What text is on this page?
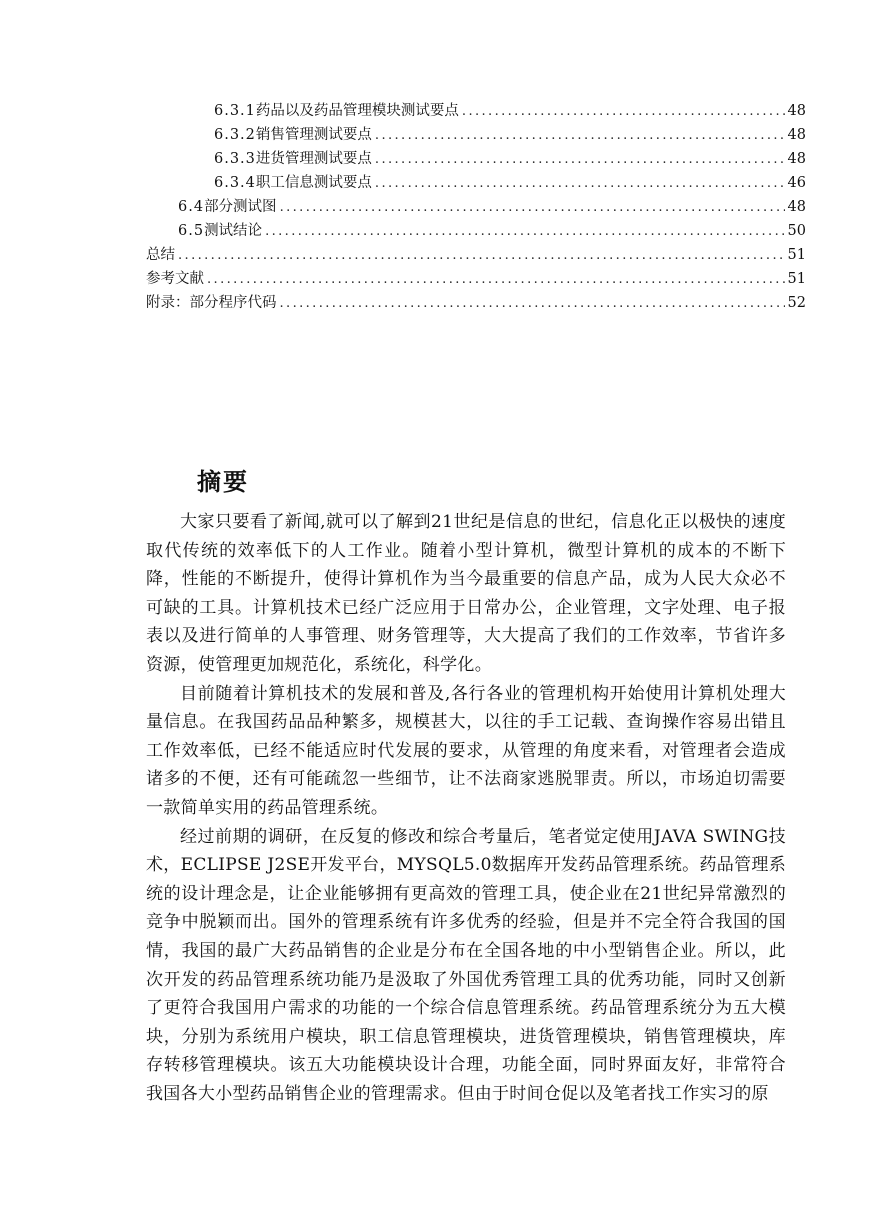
6.3.1 药品以及药品管理模块测试要点 .....	48
6.3.2 销售管理测试要点 .....	48
6.3.3 进货管理测试要点 .....	48
6.3.4 职工信息测试要点 .....	46
6.4 部分测试图 .....	48
6.5 测试结论 .....	50
总结 .....	51
参考文献 .....	51
附录：部分程序代码 .....	52
摘要

大家只要看了新闻,就可以了解到21世纪是信息的世纪，信息化正以极快的速度取代传统的效率低下的人工作业。随着小型计算机，微型计算机的成本的不断下降，性能的不断提升，使得计算机作为当今最重要的信息产品，成为人民大众必不可缺的工具。计算机技术已经广泛应用于日常办公，企业管理，文字处理、电子报表以及进行简单的人事管理、财务管理等，大大提高了我们的工作效率，节省许多资源，使管理更加规范化，系统化，科学化。

目前随着计算机技术的发展和普及,各行各业的管理机构开始使用计算机处理大量信息。在我国药品品种繁多，规模甚大，以往的手工记载、查询操作容易出错且工作效率低，已经不能适应时代发展的要求，从管理的角度来看，对管理者会造成诸多的不便，还有可能疏忽一些细节，让不法商家逃脱罪责。所以，市场迫切需要一款简单实用的药品管理系统。

经过前期的调研，在反复的修改和综合考量后，笔者觉定使用JAVA SWING技术，ECLIPSE J2SE开发平台，MYSQL5.0数据库开发药品管理系统。药品管理系统的设计理念是，让企业能够拥有更高效的管理工具，使企业在21世纪异常激烈的竞争中脱颖而出。国外的管理系统有许多优秀的经验，但是并不完全符合我国的国情，我国的最广大药品销售的企业是分布在全国各地的中小型销售企业。所以，此次开发的药品管理系统功能乃是汲取了外国优秀管理工具的优秀功能，同时又创新了更符合我国用户需求的功能的一个综合信息管理系统。药品管理系统分为五大模块，分别为系统用户模块，职工信息管理模块，进货管理模块，销售管理模块，库存转移管理模块。该五大功能模块设计合理，功能全面，同时界面友好，非常符合我国各大小型药品销售企业的管理需求。但由于时间仓促以及笔者找工作实习的原
